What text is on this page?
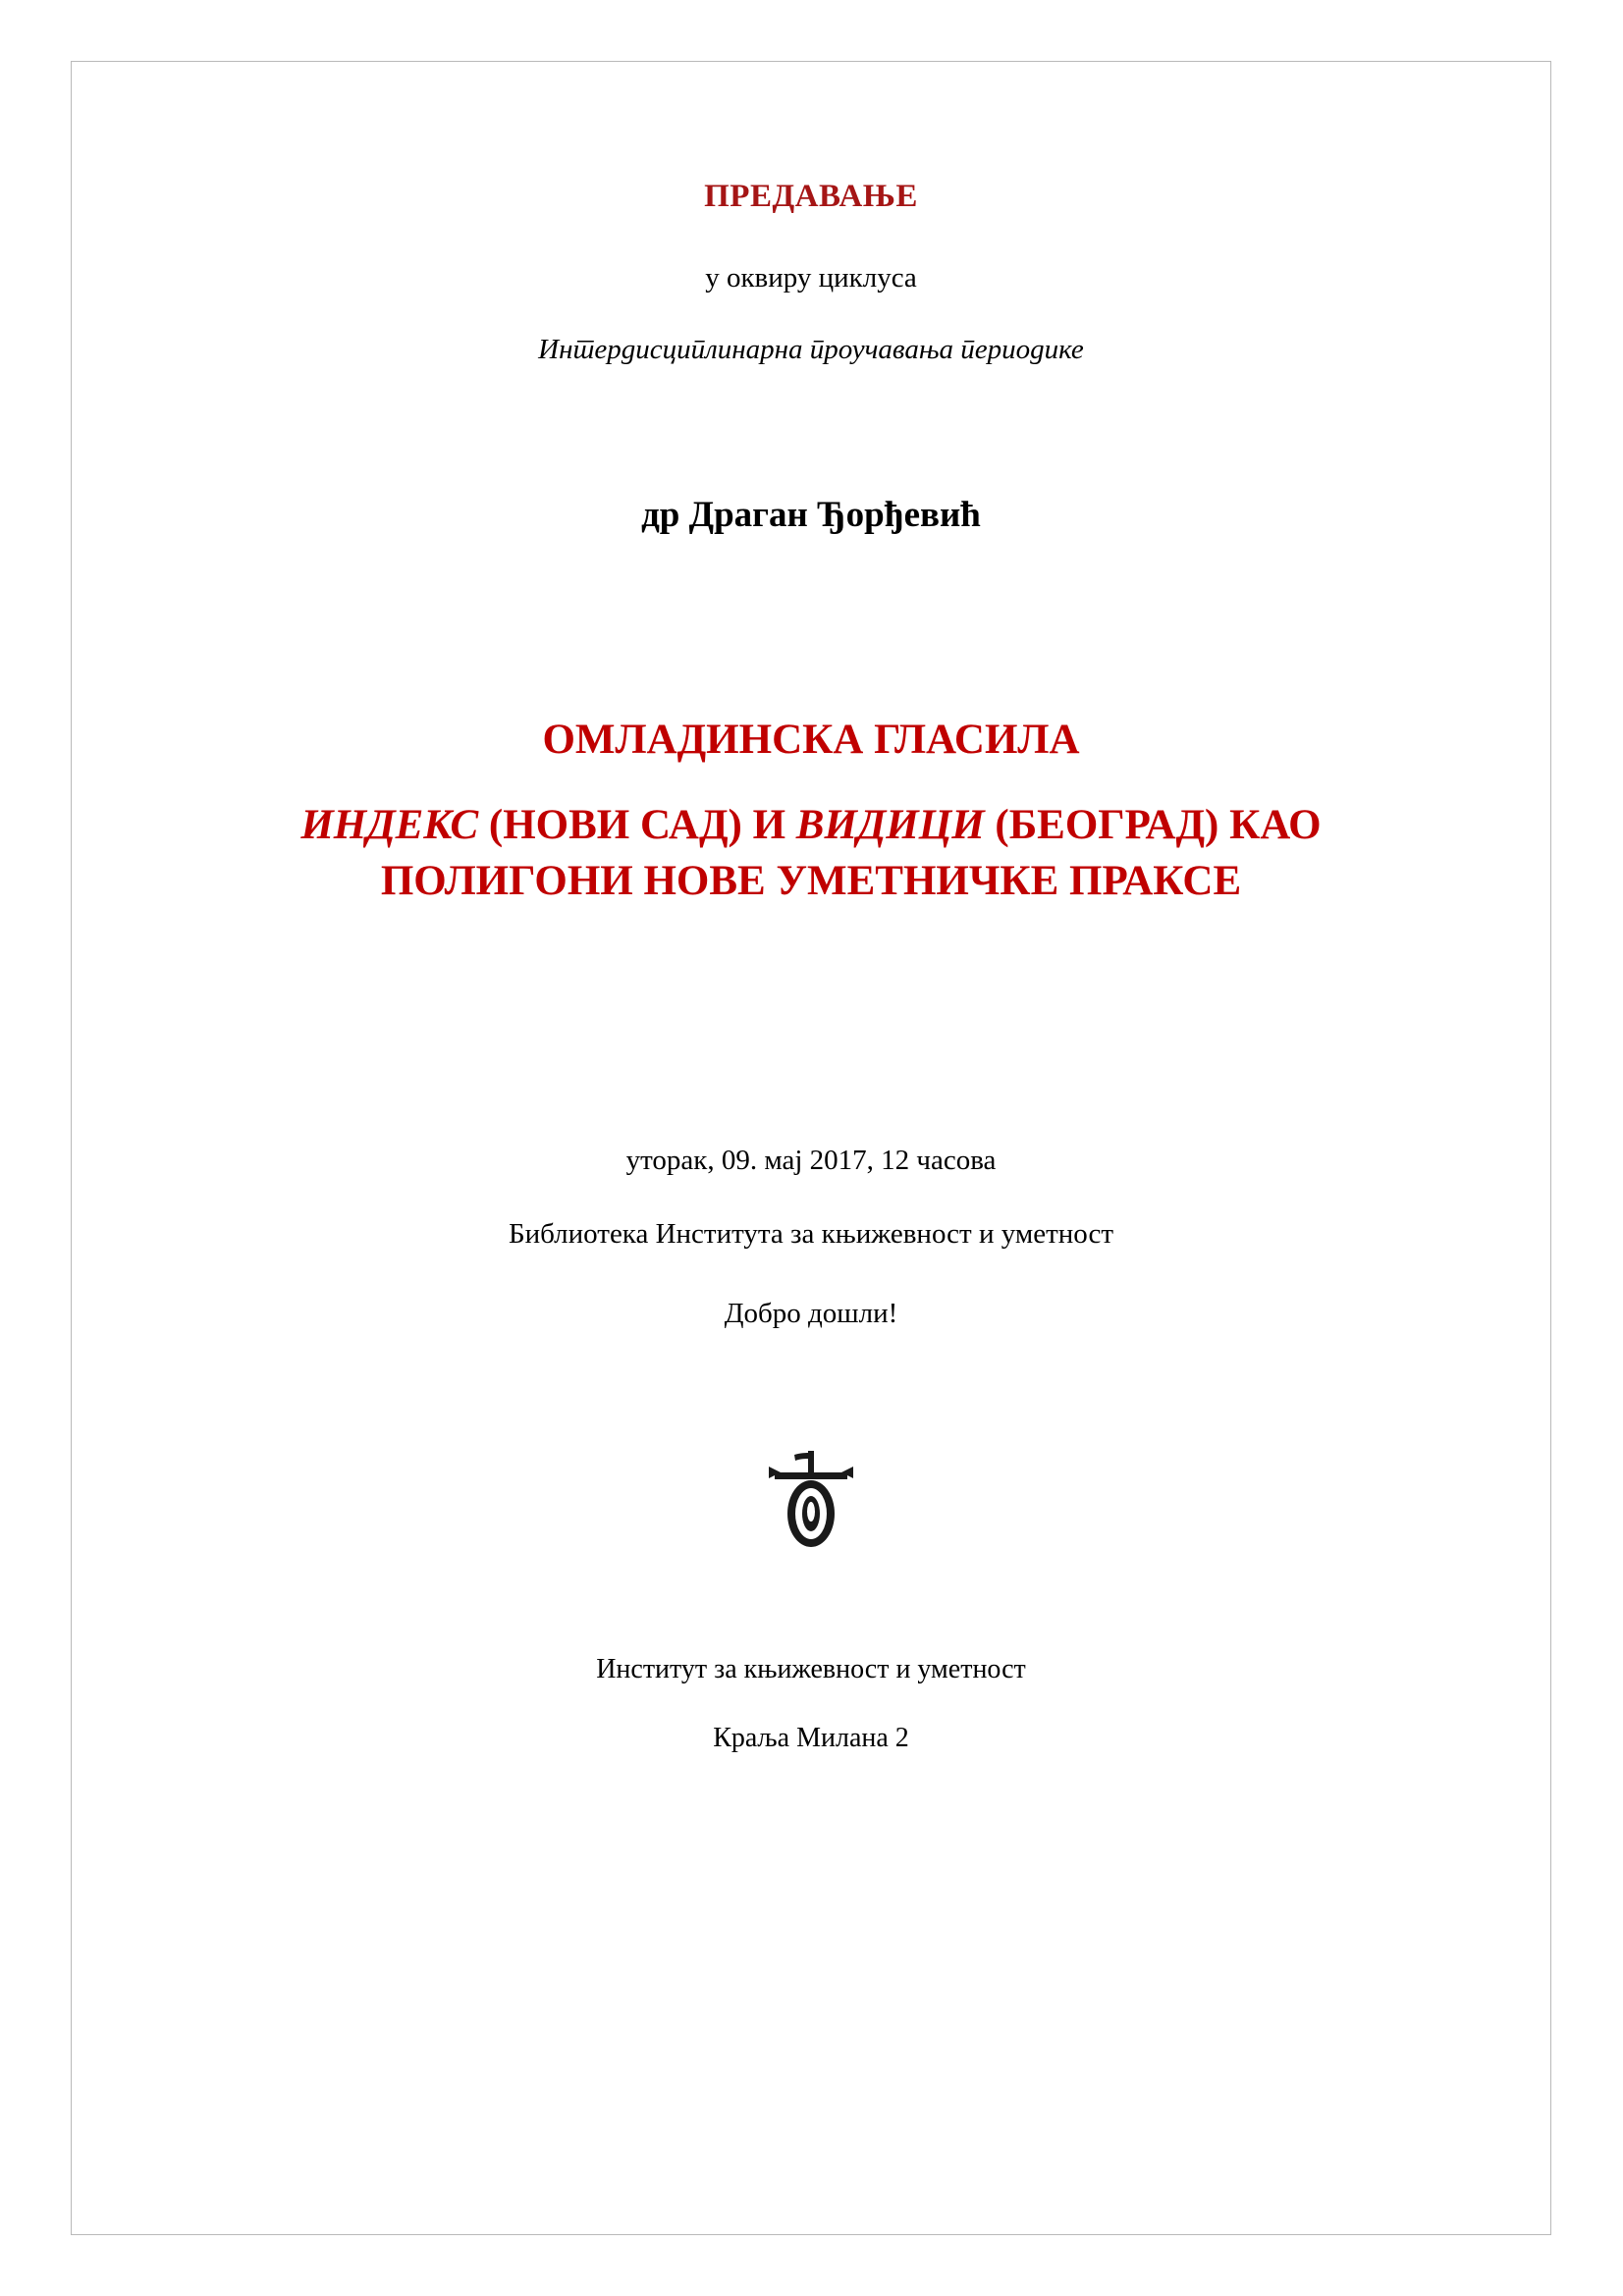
ПРЕДАВАЊЕ

у оквиру циклуса

Интердисциплинарна проучавања периодике

др Драган Ђорђевић

ОМЛАДИНСКА ГЛАСИЛА

ИНДЕКС (НОВИ САД) И ВИДИЦИ (БЕОГРАД) КАО ПОЛИГОНИ НОВЕ УМЕТНИЧКЕ ПРАКСЕ

уторак, 09. мај 2017, 12 часова

Библиотека Института за књижевност и уметност

Добро дошли!

Институт за књижевност и уметност

Краља Милана 2
